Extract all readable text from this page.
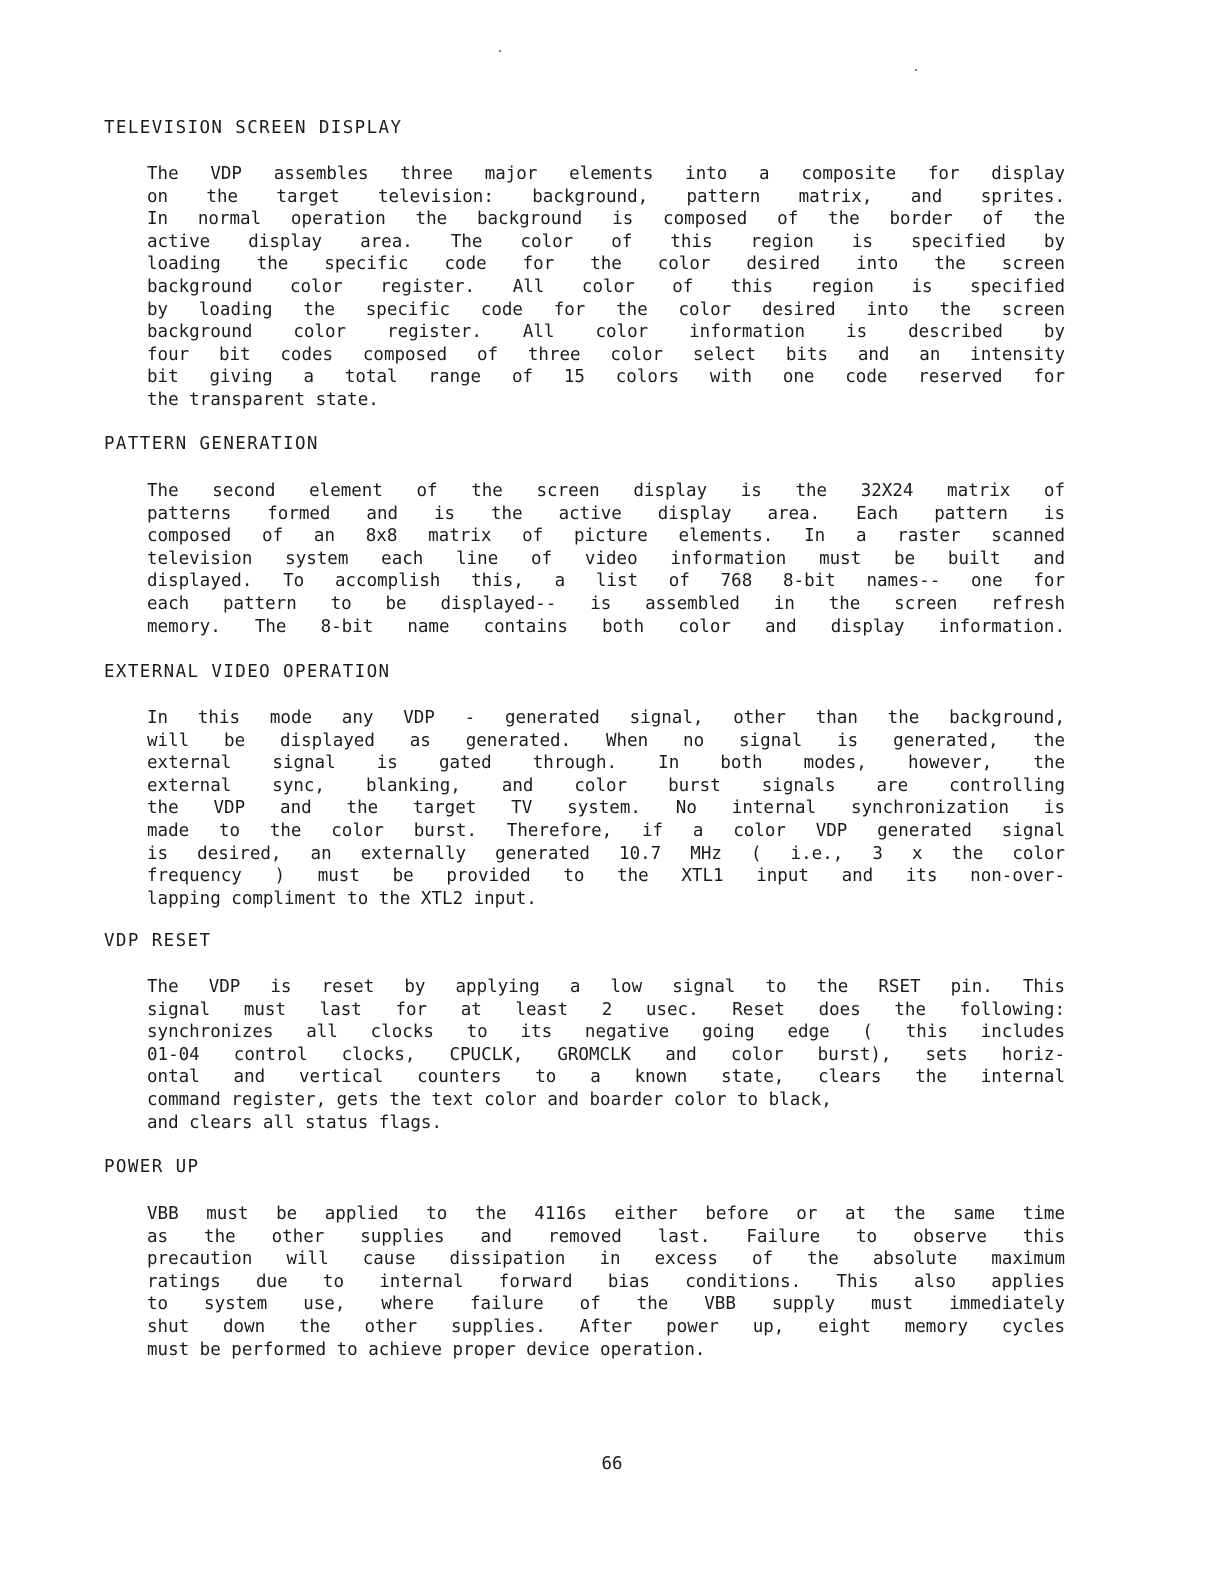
TELEVISION SCREEN DISPLAY
The VDP assembles three major elements into a composite for display
on the target television: background, pattern matrix, and sprites.
In normal operation the background is composed of the border of the
active display area. The color of this region is specified by
loading the specific code for the color desired into the screen
background color register. All color of this region is specified
by loading the specific code for the color desired into the screen
background color register. All color information is described by
four bit codes composed of three color select bits and an intensity
bit giving a total range of 15 colors with one code reserved for
the transparent state.
PATTERN GENERATION
The second element of the screen display is the 32X24 matrix of
patterns formed and is the active display area. Each pattern is
composed of an 8x8 matrix of picture elements. In a raster scanned
television system each line of video information must be built and
displayed. To accomplish this, a list of 768 8-bit names-- one for
each pattern to be displayed-- is assembled in the screen refresh
memory. The 8-bit name contains both color and display information.
EXTERNAL VIDEO OPERATION
In this mode any VDP - generated signal, other than the background,
will be displayed as generated. When no signal is generated, the
external signal is gated through. In both modes, however, the
external sync, blanking, and color burst signals are controlling
the VDP and the target TV system. No internal synchronization is
made to the color burst. Therefore, if a color VDP generated signal
is desired, an externally generated 10.7 MHz ( i.e., 3 x the color
frequency ) must be provided to the XTL1 input and its non-over-
lapping compliment to the XTL2 input.
VDP RESET
The VDP is reset by applying a low signal to the RSET pin. This
signal must last for at least 2 usec. Reset does the following:
synchronizes all clocks to its negative going edge ( this includes
01-04 control clocks, CPUCLK, GROMCLK and color burst), sets horiz-
ontal and vertical counters to a known state, clears the internal
command register, gets the text color and boarder color to black,
and clears all status flags.
POWER UP
VBB must be applied to the 4116s either before or at the same time
as the other supplies and removed last. Failure to observe this
precaution will cause dissipation in excess of the absolute maximum
ratings due to internal forward bias conditions. This also applies
to system use, where failure of the VBB supply must immediately
shut down the other supplies. After power up, eight memory cycles
must be performed to achieve proper device operation.
66
